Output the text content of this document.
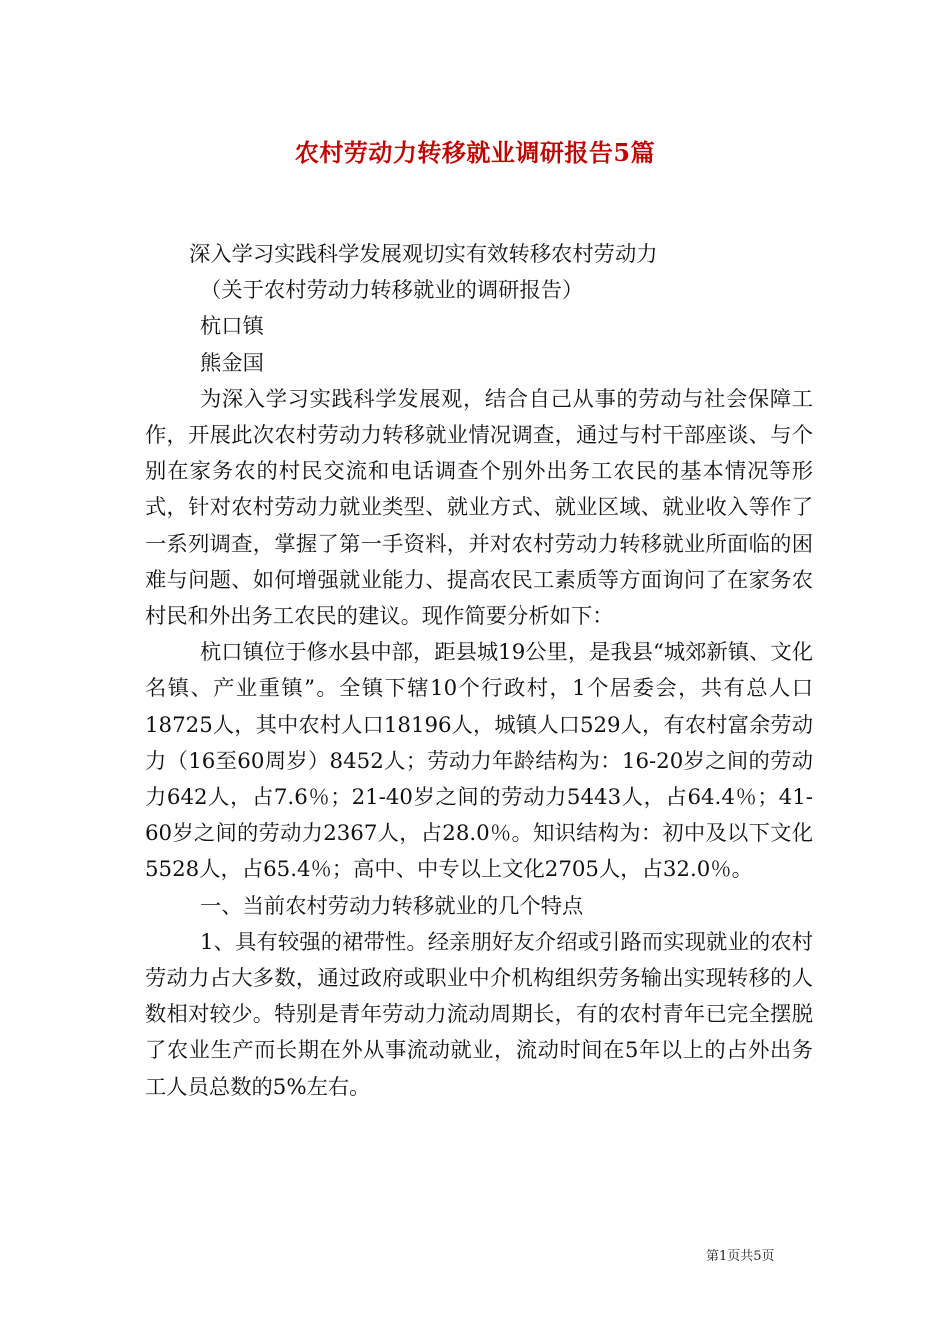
农村劳动力转移就业调研报告5篇

深入学习实践科学发展观切实有效转移农村劳动力

（关于农村劳动力转移就业的调研报告）

杭口镇

熊金国

为深入学习实践科学发展观，结合自己从事的劳动与社会保障工作，开展此次农村劳动力转移就业情况调查，通过与村干部座谈、与个别在家务农的村民交流和电话调查个别外出务工农民的基本情况等形式，针对农村劳动力就业类型、就业方式、就业区域、就业收入等作了一系列调查，掌握了第一手资料，并对农村劳动力转移就业所面临的困难与问题、如何增强就业能力、提高农民工素质等方面询问了在家务农村民和外出务工农民的建议。现作简要分析如下：

杭口镇位于修水县中部，距县城19公里，是我县“城郊新镇、文化名镇、产业重镇”。全镇下辖10个行政村，1个居委会，共有总人口18725人，其中农村人口18196人，城镇人口529人，有农村富余劳动力（16至60周岁）8452人；劳动力年龄结构为：16-20岁之间的劳动力642人，占7.6％；21-40岁之间的劳动力5443人，占64.4％；41-60岁之间的劳动力2367人，占28.0％。知识结构为：初中及以下文化5528人，占65.4％；高中、中专以上文化2705人，占32.0％。

一、当前农村劳动力转移就业的几个特点

1、具有较强的裙带性。经亲朋好友介绍或引路而实现就业的农村劳动力占大多数，通过政府或职业中介机构组织劳务输出实现转移的人数相对较少。特别是青年劳动力流动周期长，有的农村青年已完全摆脱了农业生产而长期在外从事流动就业，流动时间在5年以上的占外出务工人员总数的5%左右。

第1页共5页
